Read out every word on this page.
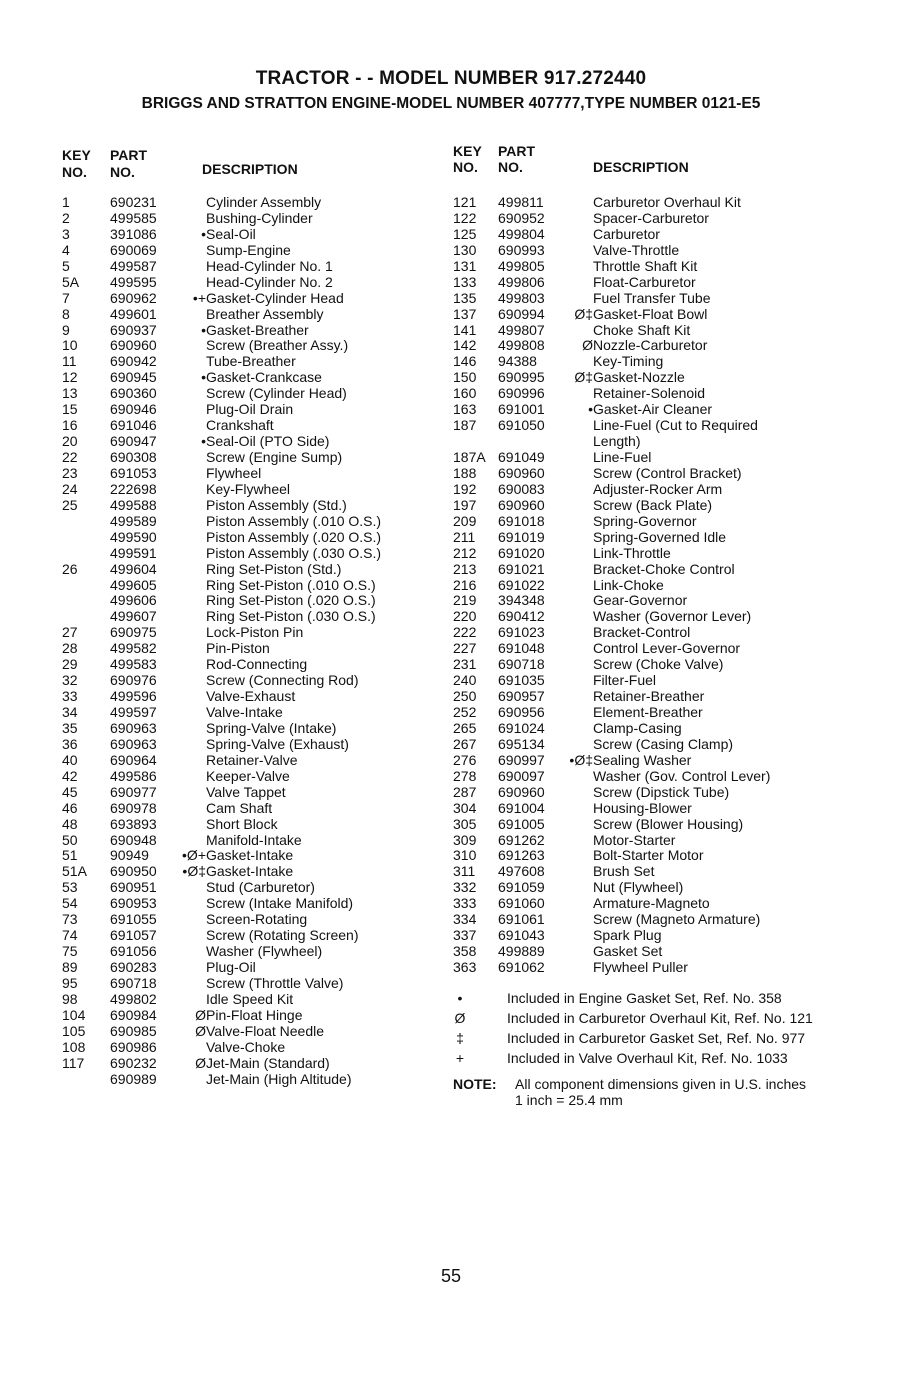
TRACTOR - - MODEL NUMBER 917.272440
BRIGGS AND STRATTON ENGINE-MODEL NUMBER 407777,TYPE NUMBER 0121-E5
KEY
NO.
PART
NO.	DESCRIPTION
1	690231	Cylinder Assembly
2	499585	Bushing-Cylinder
3	391086	• Seal-Oil
4	690069	Sump-Engine
5	499587	Head-Cylinder No. 1
5A 499595	Head-Cylinder No. 2
7	690962	•+ Gasket-Cylinder Head
8	499601	Breather Assembly
9	690937	• Gasket-Breather
10 690960	Screw (Breather Assy.)
11 690942	Tube-Breather
12 690945	• Gasket-Crankcase
13 690360	Screw (Cylinder Head)
15 690946	Plug-Oil Drain
16 691046	Crankshaft
20 690947	• Seal-Oil (PTO Side)
22 690308	Screw (Engine Sump)
23 691053	Flywheel
24 222698	Key-Flywheel
25 499588	Piston Assembly (Std.)
499589	Piston Assembly (.010 O.S.)
499590	Piston Assembly (.020 O.S.)
499591	Piston Assembly (.030 O.S.)
26 499604	Ring Set-Piston (Std.)
499605	Ring Set-Piston (.010 O.S.)
499606	Ring Set-Piston (.020 O.S.)
499607	Ring Set-Piston (.030 O.S.)
27 690975	Lock-Piston Pin
28 499582	Pin-Piston
29 499583	Rod-Connecting
32 690976	Screw (Connecting Rod)
33 499596	Valve-Exhaust
34 499597	Valve-Intake
35 690963	Spring-Valve (Intake)
36 690963	Spring-Valve (Exhaust)
40 690964	Retainer-Valve
42 499586	Keeper-Valve
45 690977	Valve Tappet
46 690978	Cam Shaft
48 693893	Short Block
50 690948	Manifold-Intake
51 90949 •Ø+ Gasket-Intake
51A 690950 •Ø‡ Gasket-Intake
53 690951	Stud (Carburetor)
54 690953	Screw (Intake Manifold)
73 691055	Screen-Rotating
74 691057	Screw (Rotating Screen)
75 691056	Washer (Flywheel)
89 690283	Plug-Oil
95 690718	Screw (Throttle Valve)
98 499802	Idle Speed Kit
104 690984	Ø Pin-Float Hinge
105 690985	Ø Valve-Float Needle
108 690986	Valve-Choke
117 690232	Ø Jet-Main (Standard)
690989	Jet-Main (High Altitude)
KEY
NO.
PART
NO.	DESCRIPTION
121 499811	Carburetor Overhaul Kit
122 690952	Spacer-Carburetor
125 499804	Carburetor
130 690993	Valve-Throttle
131 499805	Throttle Shaft Kit
133 499806	Float-Carburetor
135 499803	Fuel Transfer Tube
137 690994	Ø‡ Gasket-Float Bowl
141 499807	Choke Shaft Kit
142 499808	Ø Nozzle-Carburetor
146 94388	Key-Timing
150 690995	Ø‡ Gasket-Nozzle
160 690996	Retainer-Solenoid
163 691001	• Gasket-Air Cleaner
187 691050	Line-Fuel (Cut to Required
Length)
187A 691049	Line-Fuel
188 690960	Screw (Control Bracket)
192 690083	Adjuster-Rocker Arm
197 690960	Screw (Back Plate)
209 691018	Spring-Governor
211 691019	Spring-Governed Idle
212 691020	Link-Throttle
213 691021	Bracket-Choke Control
216 691022	Link-Choke
219 394348	Gear-Governor
220 690412	Washer (Governor Lever)
222 691023	Bracket-Control
227 691048	Control Lever-Governor
231 690718	Screw (Choke Valve)
240 691035	Filter-Fuel
250 690957	Retainer-Breather
252 690956	Element-Breather
265 691024	Clamp-Casing
267 695134	Screw (Casing Clamp)
276 690997	•Ø‡ Sealing Washer
278 690097	Washer (Gov. Control Lever)
287 690960	Screw (Dipstick Tube)
304 691004	Housing-Blower
305 691005	Screw (Blower Housing)
309 691262	Motor-Starter
310 691263	Bolt-Starter Motor
311 497608	Brush Set
332 691059	Nut (Flywheel)
333 691060	Armature-Magneto
334 691061	Screw (Magneto Armature)
337 691043	Spark Plug
358 499889	Gasket Set
363 691062	Flywheel Puller
•	Included in Engine Gasket Set, Ref. No. 358
Ø	Included in Carburetor Overhaul Kit, Ref. No. 121
‡	Included in Carburetor Gasket Set, Ref. No. 977
+	Included in Valve Overhaul Kit, Ref. No. 1033
NOTE: All component dimensions given in U.S. inches 1 inch = 25.4 mm
55
